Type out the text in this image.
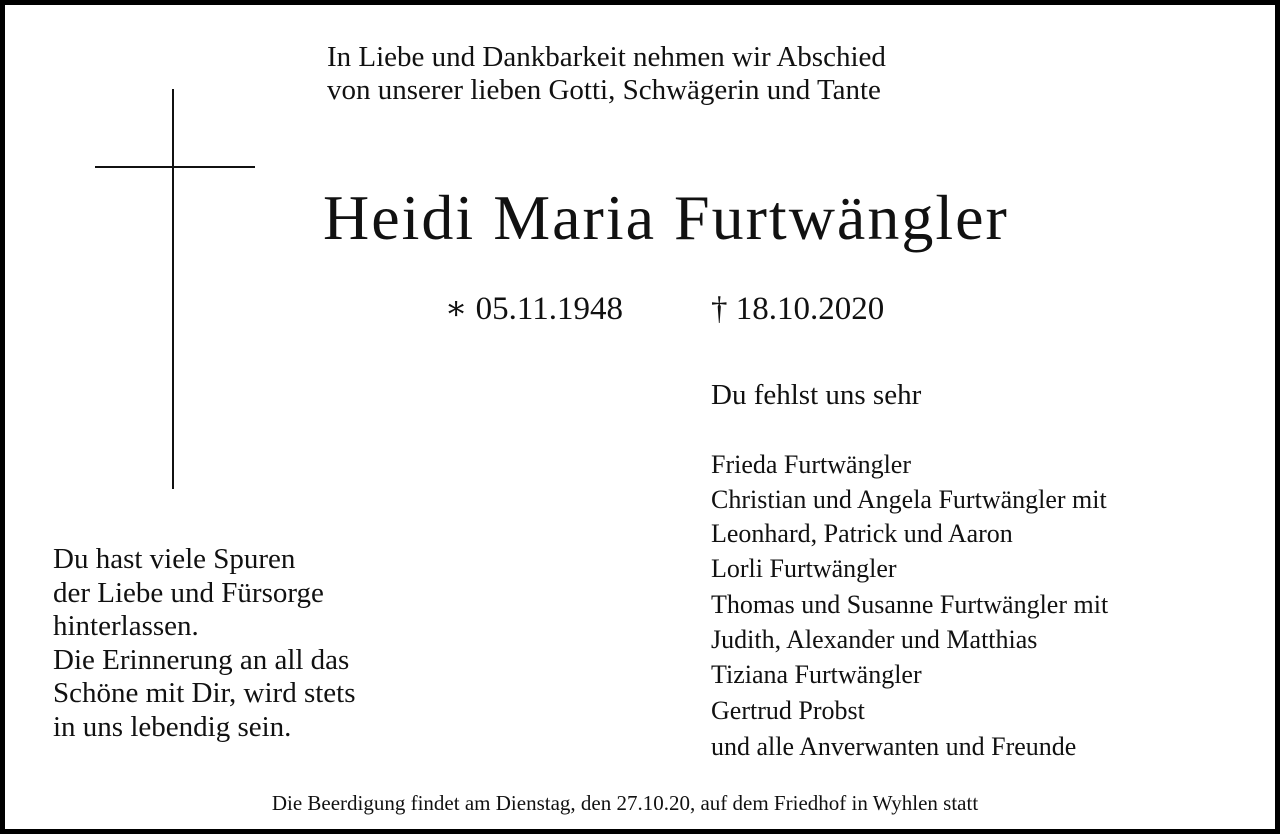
In Liebe und Dankbarkeit nehmen wir Abschied
von unserer lieben Gotti, Schwägerin und Tante
Heidi Maria Furtwängler
∗ 05.11.1948	† 18.10.2020
Du fehlst uns sehr
Frieda Furtwängler
Christian und Angela Furtwängler mit
Leonhard, Patrick und Aaron
Lorli Furtwängler
Thomas und Susanne Furtwängler mit
Judith, Alexander und Matthias
Tiziana Furtwängler
Gertrud Probst
und alle Anverwanten und Freunde
Du hast viele Spuren
der Liebe und Fürsorge
hinterlassen.
Die Erinnerung an all das
Schöne mit Dir, wird stets
in uns lebendig sein.
Die Beerdigung findet am Dienstag, den 27.10.20, auf dem Friedhof in Wyhlen statt
